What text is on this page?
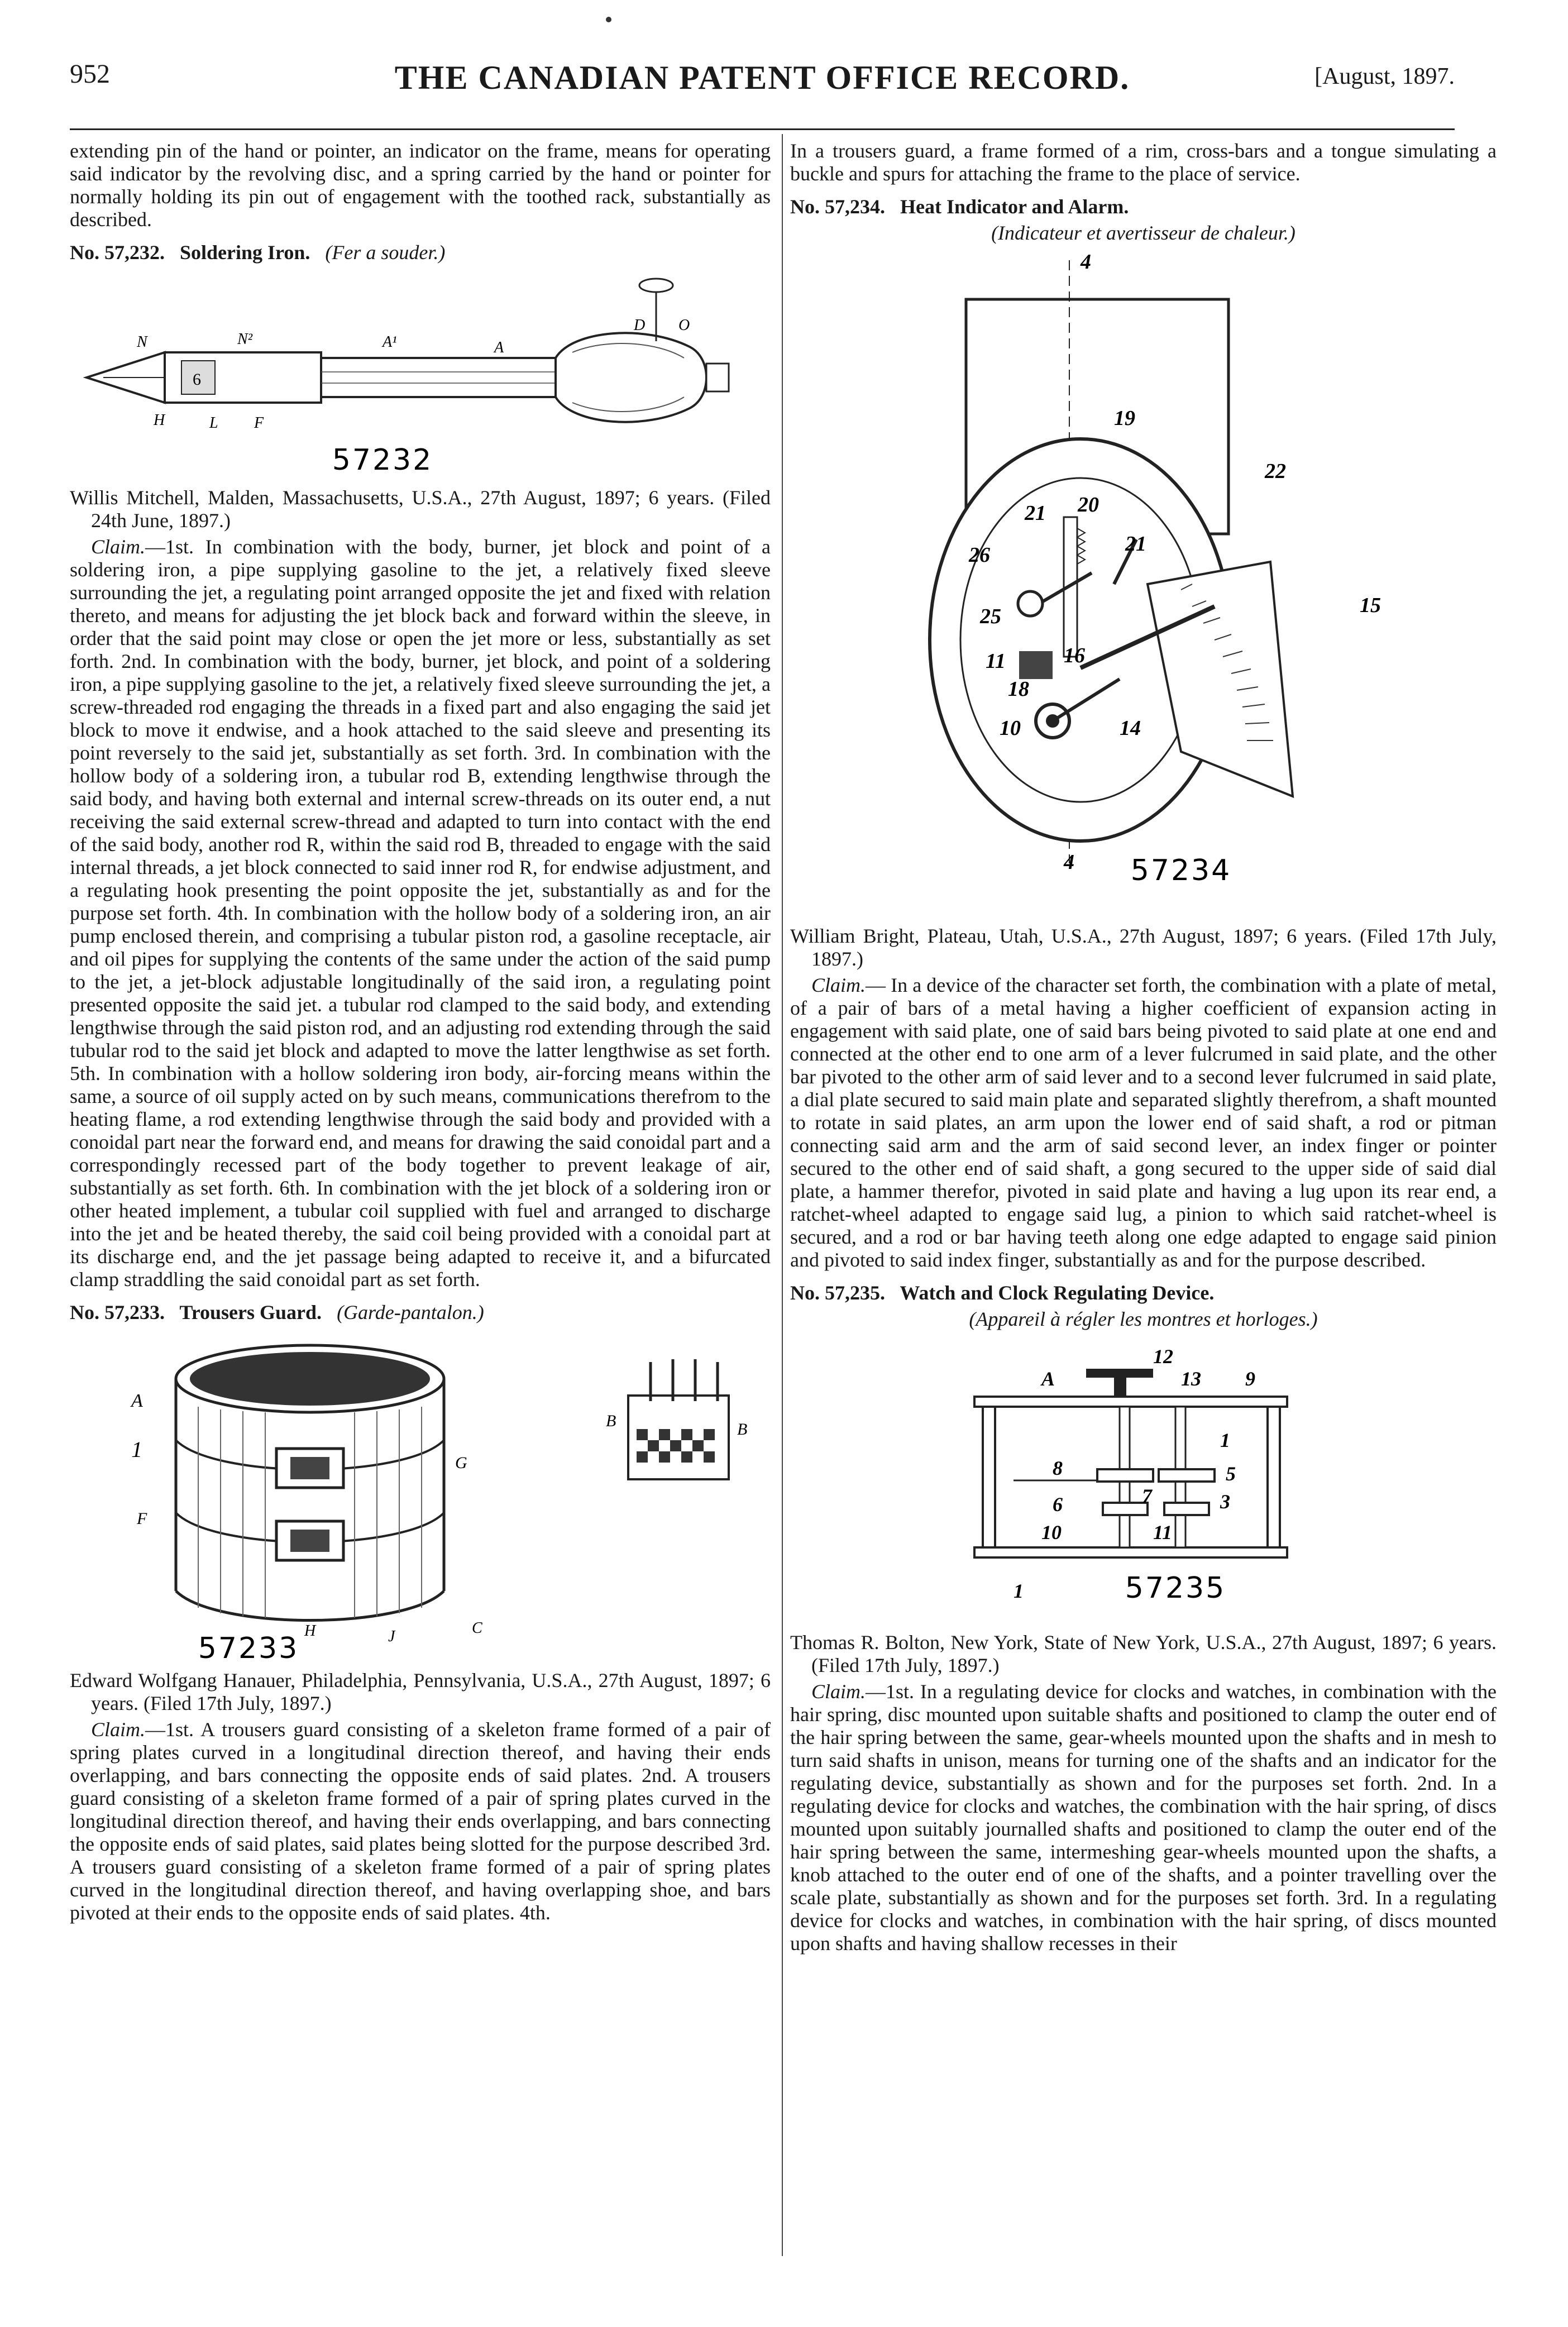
952	THE CANADIAN PATENT OFFICE RECORD.	[August, 1897.

extending pin of the hand or pointer, an indicator on the frame, means for operating said indicator by the revolving disc, and a spring carried by the hand or pointer for normally holding its pin out of engagement with the toothed rack, substantially as described.

No. 57,232. Soldering Iron. (Fer a souder.)

N	N²	A¹	A
D O
H	L F
6
57232

Willis Mitchell, Malden, Massachusetts, U.S.A., 27th August, 1897; 6 years. (Filed 24th June, 1897.)

Claim.—1st. In combination with the body, burner, jet block and point of a soldering iron, a pipe supplying gasoline to the jet, a relatively fixed sleeve surrounding the jet, a regulating point arranged opposite the jet and fixed with relation thereto, and means for adjusting the jet block back and forward within the sleeve, in order that the said point may close or open the jet more or less, substantially as set forth. 2nd. In combination with the body, burner, jet block, and point of a soldering iron, a pipe supplying gasoline to the jet, a relatively fixed sleeve surrounding the jet, a screw-threaded rod engaging the threads in a fixed part and also engaging the said jet block to move it endwise, and a hook attached to the said sleeve and presenting its point reversely to the said jet, substantially as set forth. 3rd. In combination with the hollow body of a soldering iron, a tubular rod B, extending lengthwise through the said body, and having both external and internal screw-threads on its outer end, a nut receiving the said external screw-thread and adapted to turn into contact with the end of the said body, another rod R, within the said rod B, threaded to engage with the said internal threads, a jet block connected to said inner rod R, for endwise adjustment, and a regulating hook presenting the point opposite the jet, substantially as and for the purpose set forth. 4th. In combination with the hollow body of a soldering iron, an air pump enclosed therein, and comprising a tubular piston rod, a gasoline receptacle, air and oil pipes for supplying the contents of the same under the action of the said pump to the jet, a jet-block adjustable longitudinally of the said iron, a regulating point presented opposite the said jet. a tubular rod clamped to the said body, and extending lengthwise through the said piston rod, and an adjusting rod extending through the said tubular rod to the said jet block and adapted to move the latter lengthwise as set forth. 5th. In combination with a hollow soldering iron body, air-forcing means within the same, a source of oil supply acted on by such means, communications therefrom to the heating flame, a rod extending lengthwise through the said body and provided with a conoidal part near the forward end, and means for drawing the said conoidal part and a correspondingly recessed part of the body together to prevent leakage of air, substantially as set forth. 6th. In combination with the jet block of a soldering iron or other heated implement, a tubular coil supplied with fuel and arranged to discharge into the jet and be heated thereby, the said coil being provided with a conoidal part at its discharge end, and the jet passage being adapted to receive it, and a bifurcated clamp straddling the said conoidal part as set forth.

No. 57,233. Trousers Guard. (Garde-pantalon.)

A
1
F
G
B	B
H	J	C
57233

Edward Wolfgang Hanauer, Philadelphia, Pennsylvania, U.S.A., 27th August, 1897; 6 years. (Filed 17th July, 1897.)

Claim.—1st. A trousers guard consisting of a skeleton frame formed of a pair of spring plates curved in a longitudinal direction thereof, and having their ends overlapping, and bars connecting the opposite ends of said plates. 2nd. A trousers guard consisting of a skeleton frame formed of a pair of spring plates curved in the longitudinal direction thereof, and having their ends overlapping, and bars connecting the opposite ends of said plates, said plates being slotted for the purpose described 3rd. A trousers guard consisting of a skeleton frame formed of a pair of spring plates curved in the longitudinal direction thereof, and having overlapping shoe, and bars pivoted at their ends to the opposite ends of said plates. 4th.

In a trousers guard, a frame formed of a rim, cross-bars and a tongue simulating a buckle and spurs for attaching the frame to the place of service.

No. 57,234. Heat Indicator and Alarm.

(Indicateur et avertisseur de chaleur.)

4
19
22
21 20
21
26
25
11
18
16
10	14
15
4 57234

William Bright, Plateau, Utah, U.S.A., 27th August, 1897; 6 years. (Filed 17th July, 1897.)

Claim.— In a device of the character set forth, the combination with a plate of metal, of a pair of bars of a metal having a higher coefficient of expansion acting in engagement with said plate, one of said bars being pivoted to said plate at one end and connected at the other end to one arm of a lever fulcrumed in said plate, and the other bar pivoted to the other arm of said lever and to a second lever fulcrumed in said plate, a dial plate secured to said main plate and separated slightly therefrom, a shaft mounted to rotate in said plates, an arm upon the lower end of said shaft, a rod or pitman connecting said arm and the arm of said second lever, an index finger or pointer secured to the other end of said shaft, a gong secured to the upper side of said dial plate, a hammer therefor, pivoted in said plate and having a lug upon its rear end, a ratchet-wheel adapted to engage said lug, a pinion to which said ratchet-wheel is secured, and a rod or bar having teeth along one edge adapted to engage said pinion and pivoted to said index finger, substantially as and for the purpose described.

No. 57,235. Watch and Clock Regulating Device.

(Appareil à régler les montres et horloges.)

A
12
13 9
1
8	5
6	7	3
10	11
1	57235

Thomas R. Bolton, New York, State of New York, U.S.A., 27th August, 1897; 6 years. (Filed 17th July, 1897.)

Claim.—1st. In a regulating device for clocks and watches, in combination with the hair spring, disc mounted upon suitable shafts and positioned to clamp the outer end of the hair spring between the same, gear-wheels mounted upon the shafts and in mesh to turn said shafts in unison, means for turning one of the shafts and an indicator for the regulating device, substantially as shown and for the purposes set forth. 2nd. In a regulating device for clocks and watches, the combination with the hair spring, of discs mounted upon suitably journalled shafts and positioned to clamp the outer end of the hair spring between the same, intermeshing gear-wheels mounted upon the shafts, a knob attached to the outer end of one of the shafts, and a pointer travelling over the scale plate, substantially as shown and for the purposes set forth. 3rd. In a regulating device for clocks and watches, in combination with the hair spring, of discs mounted upon shafts and having shallow recesses in their
